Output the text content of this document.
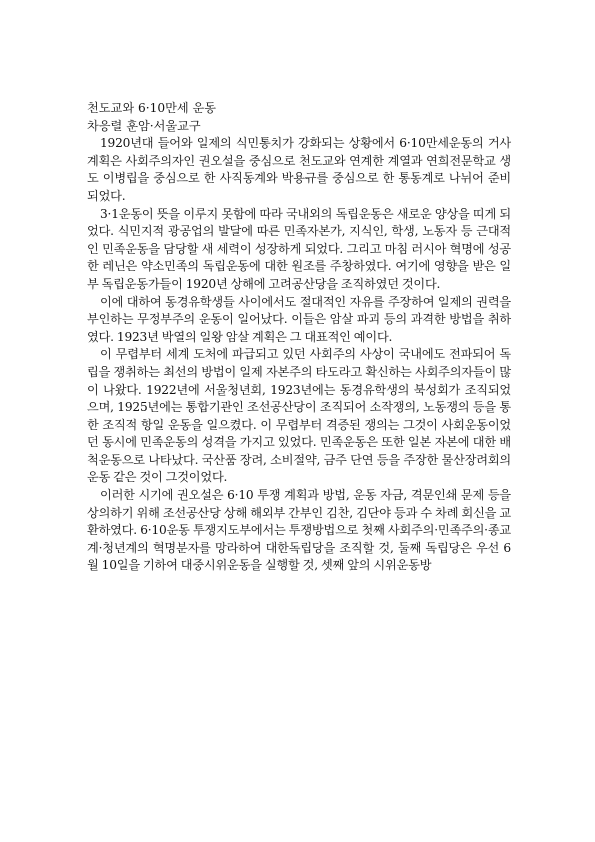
천도교와 6·10만세 운동
차응렬 훈암·서울교구

1920년대 들어와 일제의 식민통치가 강화되는 상황에서 6·10만세운동의 거사 계획은 사회주의자인 권오설을 중심으로 천도교와 연계한 계열과 연희전문학교 생도 이병립을 중심으로 한 사직동계와 박용규를 중심으로 한 통동계로 나뉘어 준비되었다.

3·1운동이 뜻을 이루지 못함에 따라 국내외의 독립운동은 새로운 양상을 띠게 되었다. 식민지적 광공업의 발달에 따른 민족자본가, 지식인, 학생, 노동자 등 근대적인 민족운동을 담당할 새 세력이 성장하게 되었다. 그리고 마침 러시아 혁명에 성공한 레닌은 약소민족의 독립운동에 대한 원조를 주창하였다. 여기에 영향을 받은 일부 독립운동가들이 1920년 상해에 고려공산당을 조직하였던 것이다.

이에 대하여 동경유학생들 사이에서도 절대적인 자유를 주장하여 일제의 권력을 부인하는 무정부주의 운동이 일어났다. 이들은 암살 파괴 등의 과격한 방법을 취하였다. 1923년 박열의 일왕 암살 계획은 그 대표적인 예이다.

이 무렵부터 세계 도처에 파급되고 있던 사회주의 사상이 국내에도 전파되어 독립을 쟁취하는 최선의 방법이 일제 자본주의 타도라고 확신하는 사회주의자들이 많이 나왔다. 1922년에 서울청년회, 1923년에는 동경유학생의 북성회가 조직되었으며, 1925년에는 통합기관인 조선공산당이 조직되어 소작쟁의, 노동쟁의 등을 통한 조직적 항일 운동을 일으켰다. 이 무렵부터 격증된 쟁의는 그것이 사회운동이었던 동시에 민족운동의 성격을 가지고 있었다. 민족운동은 또한 일본 자본에 대한 배척운동으로 나타났다. 국산품 장려, 소비절약, 금주 단연 등을 주장한 물산장려회의 운동 같은 것이 그것이었다.

이러한 시기에 권오설은 6·10 투쟁 계획과 방법, 운동 자금, 격문인쇄 문제 등을 상의하기 위해 조선공산당 상해 해외부 간부인 김찬, 김단야 등과 수 차례 회신을 교환하였다. 6·10운동 투쟁지도부에서는 투쟁방법으로 첫째 사회주의·민족주의·종교계·청년계의 혁명분자를 망라하여 대한독립당을 조직할 것, 둘째 독립당은 우선 6월 10일을 기하여 대중시위운동을 실행할 것, 셋째 앞의 시위운동방
